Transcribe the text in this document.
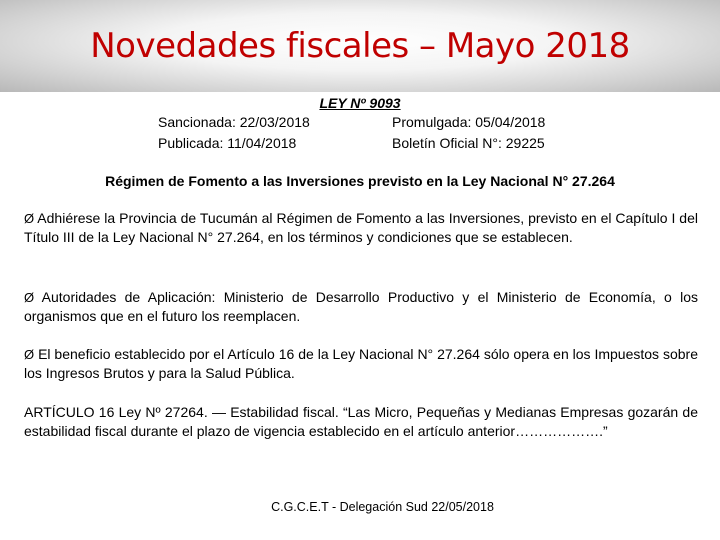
Novedades fiscales – Mayo 2018
LEY Nº 9093
Sancionada: 22/03/2018	Promulgada: 05/04/2018
Publicada: 11/04/2018	Boletín Oficial N°: 29225
Régimen de Fomento a las Inversiones previsto en la Ley Nacional N° 27.264

Ø Adhiérese la Provincia de Tucumán al Régimen de Fomento a las Inversiones, previsto en el Capítulo I del Título III de la Ley Nacional N° 27.264, en los términos y condiciones que se establecen.

Ø Autoridades de Aplicación: Ministerio de Desarrollo Productivo y el Ministerio de Economía, o los organismos que en el futuro los reemplacen.

Ø El beneficio establecido por el Artículo 16 de la Ley Nacional N° 27.264 sólo opera en los Impuestos sobre los Ingresos Brutos y para la Salud Pública.

ARTÍCULO 16 Ley Nº 27264. — Estabilidad fiscal. “Las Micro, Pequeñas y Medianas Empresas gozarán de estabilidad fiscal durante el plazo de vigencia establecido en el artículo anterior……………….”

C.G.C.E.T - Delegación Sud 22/05/2018
